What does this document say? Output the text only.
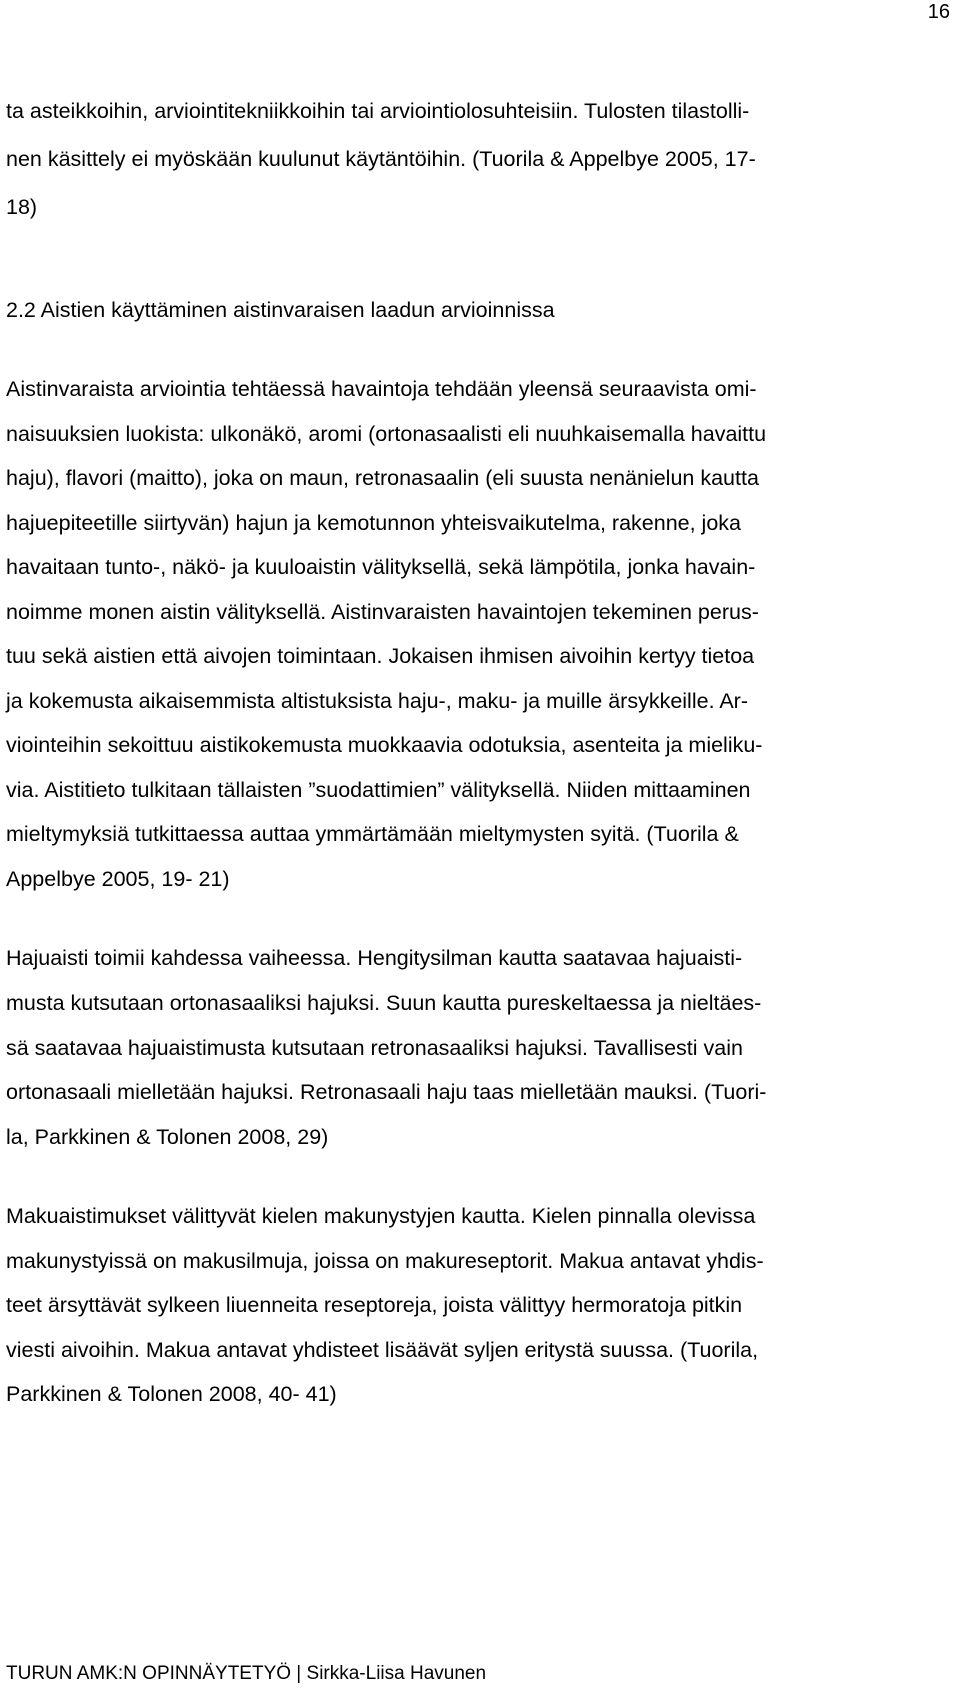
16
ta asteikkoihin, arviointitekniikkoihin tai arviointiolosuhteisiin. Tulosten tilastolli-
nen käsittely ei myöskään kuulunut käytäntöihin. (Tuorila & Appelbye 2005, 17-
18)
2.2 Aistien käyttäminen aistinvaraisen laadun arvioinnissa
Aistinvaraista arviointia tehtäessä havaintoja tehdään yleensä seuraavista omi-
naisuuksien luokista: ulkonäkö, aromi (ortonasaalisti eli nuuhkaisemalla havaittu
haju), flavori (maitto), joka on maun, retronasaalin (eli suusta nenänielun kautta
hajuepiteetille siirtyvän) hajun ja kemotunnon yhteisvaikutelma, rakenne, joka
havaitaan tunto-, näkö- ja kuuloaistin välityksellä, sekä lämpötila, jonka havain-
noimme monen aistin välityksellä. Aistinvaraisten havaintojen tekeminen perus-
tuu sekä aistien että aivojen toimintaan. Jokaisen ihmisen aivoihin kertyy tietoa
ja kokemusta aikaisemmista altistuksista haju-, maku- ja muille ärsykkeille. Ar-
viointeihin sekoittuu aistikokemusta muokkaavia odotuksia, asenteita ja mieliku-
via. Aistitieto tulkitaan tällaisten ”suodattimien” välityksellä. Niiden mittaaminen
mieltymyksiä tutkittaessa auttaa ymmärtämään mieltymysten syitä. (Tuorila &
Appelbye 2005, 19- 21)
Hajuaisti toimii kahdessa vaiheessa. Hengitysilman kautta saatavaa hajuaisti-
musta kutsutaan ortonasaaliksi hajuksi. Suun kautta pureskeltaessa ja nieltäes-
sä saatavaa hajuaistimusta kutsutaan retronasaaliksi hajuksi. Tavallisesti vain
ortonasaali mielletään hajuksi. Retronasaali haju taas mielletään mauksi. (Tuori-
la, Parkkinen & Tolonen 2008, 29)
Makuaistimukset välittyvät kielen makunystyjen kautta. Kielen pinnalla olevissa
makunystyissä on makusilmuja, joissa on makureseptorit. Makua antavat yhdis-
teet ärsyttävät sylkeen liuenneita reseptoreja, joista välittyy hermoratoja pitkin
viesti aivoihin. Makua antavat yhdisteet lisäävät syljen eritystä suussa. (Tuorila,
Parkkinen & Tolonen 2008, 40- 41)
TURUN AMK:N OPINNÄYTETYÖ | Sirkka-Liisa Havunen
